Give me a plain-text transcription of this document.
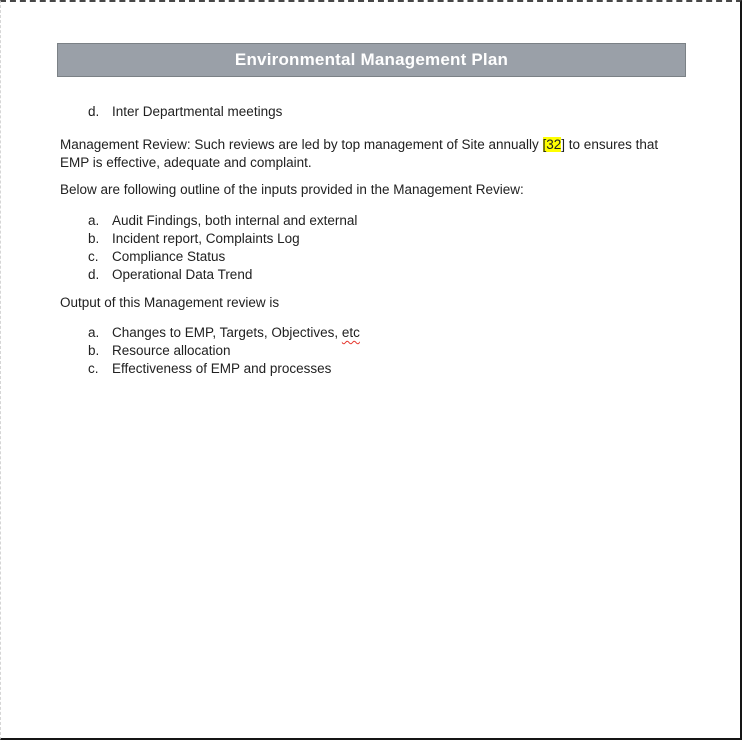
Environmental Management Plan
d. Inter Departmental meetings

Management Review: Such reviews are led by top management of Site annually [32] to ensures that EMP is effective, adequate and complaint.

Below are following outline of the inputs provided in the Management Review:

a. Audit Findings, both internal and external
b. Incident report, Complaints Log
c. Compliance Status
d. Operational Data Trend

Output of this Management review is

a. Changes to EMP, Targets, Objectives, etc
b. Resource allocation
c. Effectiveness of EMP and processes
